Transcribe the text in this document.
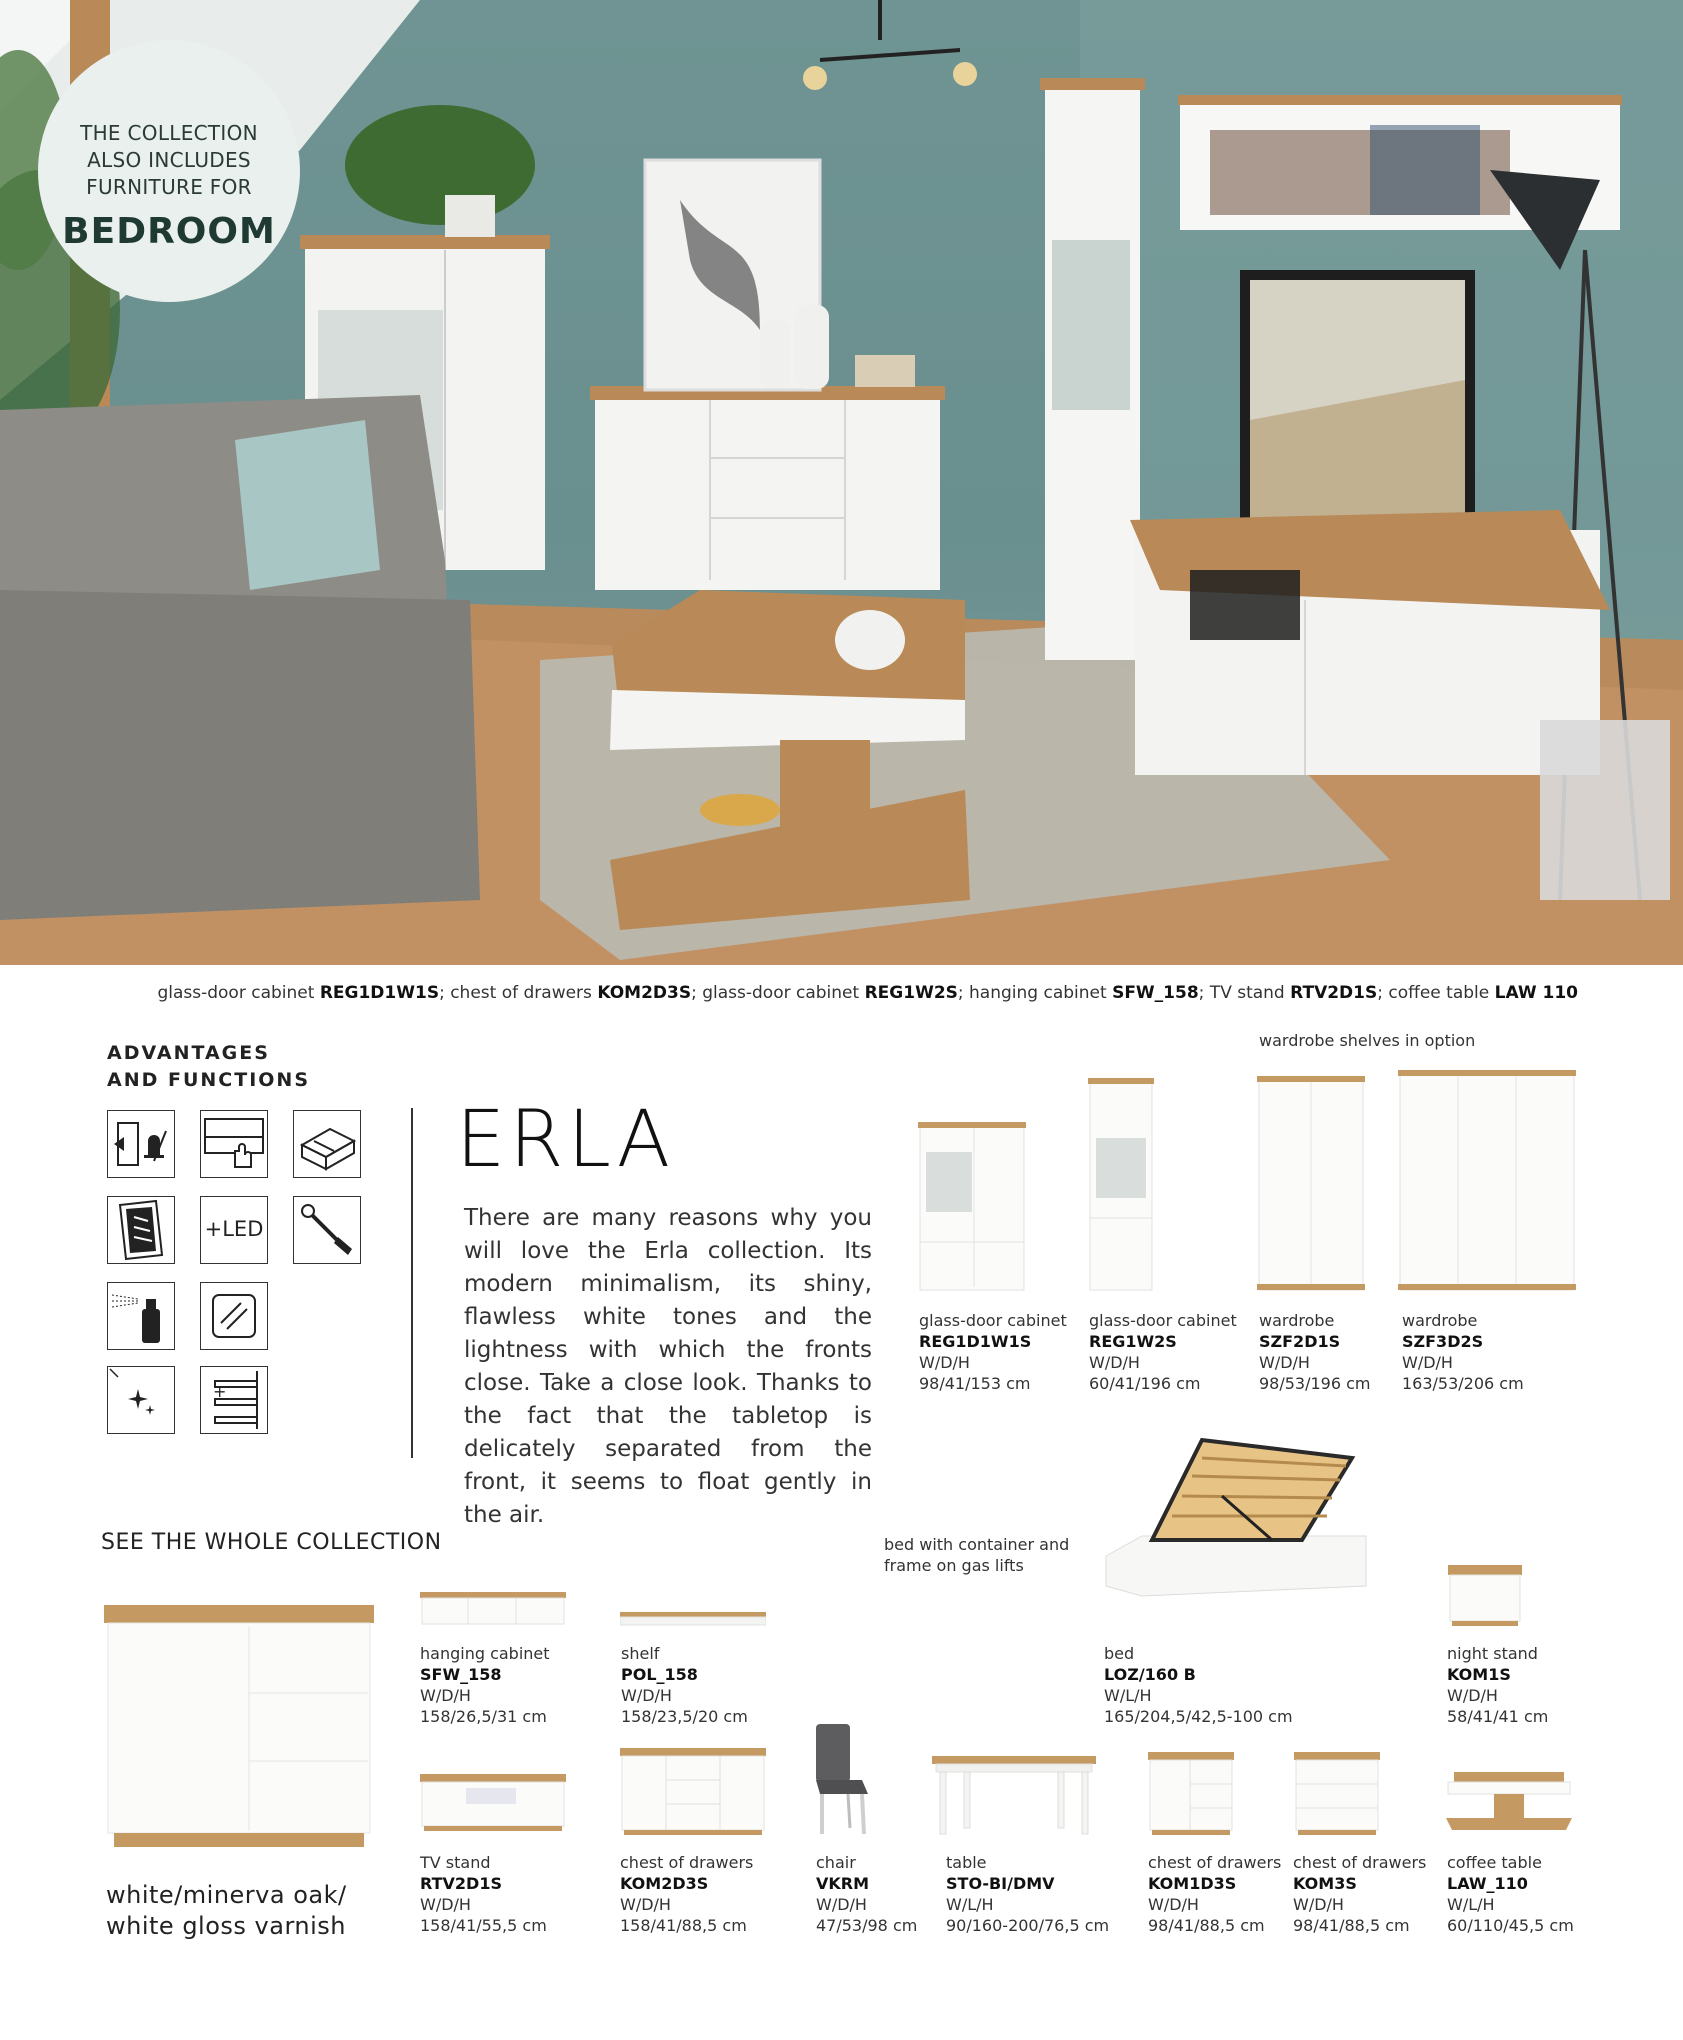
THE COLLECTION
ALSO INCLUDES
FURNITURE FOR
BEDROOM
glass-door cabinet REG1D1W1S; chest of drawers KOM2D3S; glass-door cabinet REG1W2S; hanging cabinet SFW_158; TV stand RTV2D1S; coffee table LAW 110
ADVANTAGES
AND FUNCTIONS
+LED
+
ERLA
There are many reasons why you will love the Erla collection. Its modern minimalism, its shiny, flawless white tones and the lightness with which the fronts close. Take a close look. Thanks to the fact that the tabletop is delicately separated from the front, it seems to float gently in the air.
glass-door cabinet
REG1D1W1S
W/D/H
98/41/153 cm
glass-door cabinet
REG1W2S
W/D/H
60/41/196 cm
wardrobe shelves in option
wardrobe
SZF2D1S
W/D/H
98/53/196 cm
wardrobe
SZF3D2S
W/D/H
163/53/206 cm
SEE THE WHOLE COLLECTION
white/minerva oak/
white gloss varnish
hanging cabinet
SFW_158
W/D/H
158/26,5/31 cm
shelf
POL_158
W/D/H
158/23,5/20 cm
bed with container and frame on gas lifts
bed
LOZ/160 B
W/L/H
165/204,5/42,5-100 cm
night stand
KOM1S
W/D/H
58/41/41 cm
TV stand
RTV2D1S
W/D/H
158/41/55,5 cm
chest of drawers
KOM2D3S
W/D/H
158/41/88,5 cm
chair
VKRM
W/D/H
47/53/98 cm
table
STO-BI/DMV
W/L/H
90/160-200/76,5 cm
chest of drawers
KOM1D3S
W/D/H
98/41/88,5 cm
chest of drawers
KOM3S
W/D/H
98/41/88,5 cm
coffee table
LAW_110
W/L/H
60/110/45,5 cm
